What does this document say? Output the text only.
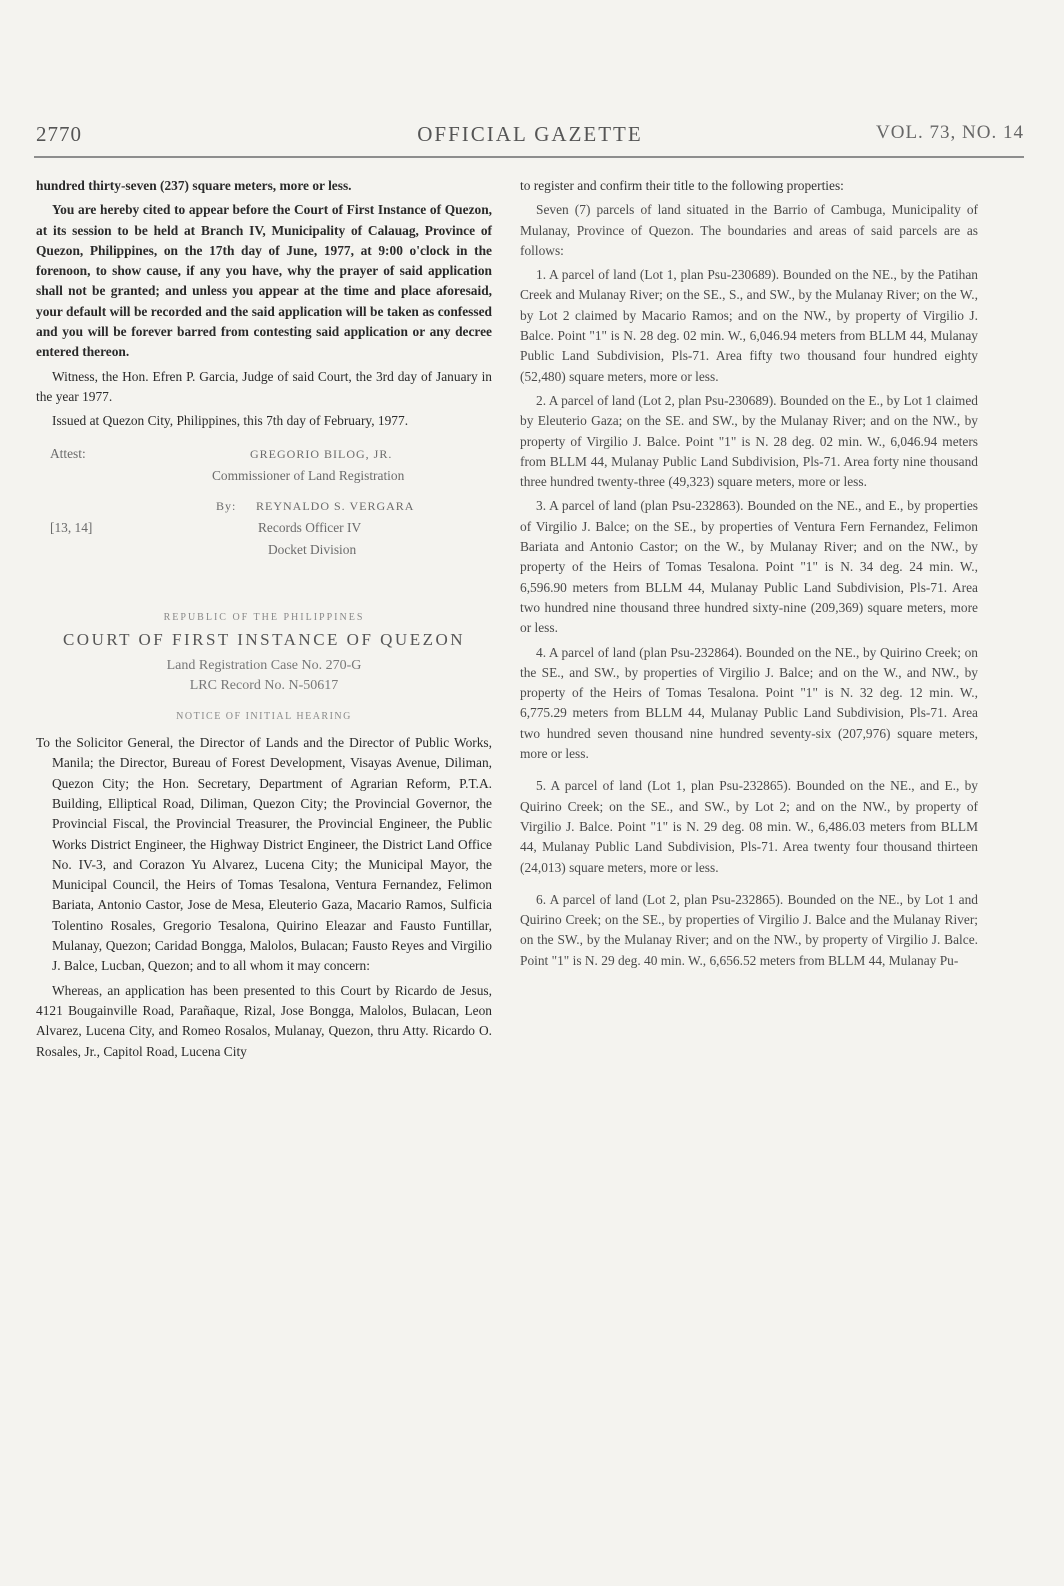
2770	OFFICIAL GAZETTE	VOL. 73, NO. 14

hundred thirty-seven (237) square meters, more or less.

You are hereby cited to appear before the Court of First Instance of Quezon, at its session to be held at Branch IV, Municipality of Calauag, Province of Quezon, Philippines, on the 17th day of June, 1977, at 9:00 o'clock in the forenoon, to show cause, if any you have, why the prayer of said application shall not be granted; and unless you appear at the time and place aforesaid, your default will be recorded and the said application will be taken as confessed and you will be forever barred from contesting said application or any decree entered thereon.

Witness, the Hon. Efren P. Garcia, Judge of said Court, the 3rd day of January in the year 1977.

Issued at Quezon City, Philippines, this 7th day of February, 1977.

Attest:	GREGORIO BILOG, JR.
Commissioner of Land Registration
By: REYNALDO S. VERGARA
[13, 14]	Records Officer IV
Docket Division
REPUBLIC OF THE PHILIPPINES
COURT OF FIRST INSTANCE OF QUEZON
Land Registration Case No. 270-G
LRC Record No. N-50617
NOTICE OF INITIAL HEARING

To the Solicitor General, the Director of Lands and the Director of Public Works, Manila; the Director, Bureau of Forest Development, Visayas Avenue, Diliman, Quezon City; the Hon. Secretary, Department of Agrarian Reform, P.T.A. Building, Elliptical Road, Diliman, Quezon City; the Provincial Governor, the Provincial Fiscal, the Provincial Treasurer, the Provincial Engineer, the Public Works District Engineer, the Highway District Engineer, the District Land Office No. IV-3, and Corazon Yu Alvarez, Lucena City; the Municipal Mayor, the Municipal Council, the Heirs of Tomas Tesalona, Ventura Fernandez, Felimon Bariata, Antonio Castor, Jose de Mesa, Eleuterio Gaza, Macario Ramos, Sulficia Tolentino Rosales, Gregorio Tesalona, Quirino Eleazar and Fausto Funtillar, Mulanay, Quezon; Caridad Bongga, Malolos, Bulacan; Fausto Reyes and Virgilio J. Balce, Lucban, Quezon; and to all whom it may concern:

Whereas, an application has been presented to this Court by Ricardo de Jesus, 4121 Bougainville Road, Parañaque, Rizal, Jose Bongga, Malolos, Bulacan, Leon Alvarez, Lucena City, and Romeo Rosalos, Mulanay, Quezon, thru Atty. Ricardo O. Rosales, Jr., Capitol Road, Lucena City

to register and confirm their title to the following properties:

Seven (7) parcels of land situated in the Barrio of Cambuga, Municipality of Mulanay, Province of Quezon. The boundaries and areas of said parcels are as follows:

1. A parcel of land (Lot 1, plan Psu-230689). Bounded on the NE., by the Patihan Creek and Mulanay River; on the SE., S., and SW., by the Mulanay River; on the W., by Lot 2 claimed by Macario Ramos; and on the NW., by property of Virgilio J. Balce. Point "1" is N. 28 deg. 02 min. W., 6,046.94 meters from BLLM 44, Mulanay Public Land Subdivision, Pls-71. Area fifty two thousand four hundred eighty (52,480) square meters, more or less.

2. A parcel of land (Lot 2, plan Psu-230689). Bounded on the E., by Lot 1 claimed by Eleuterio Gaza; on the SE. and SW., by the Mulanay River; and on the NW., by property of Virgilio J. Balce. Point "1" is N. 28 deg. 02 min. W., 6,046.94 meters from BLLM 44, Mulanay Public Land Subdivision, Pls-71. Area forty nine thousand three hundred twenty-three (49,323) square meters, more or less.

3. A parcel of land (plan Psu-232863). Bounded on the NE., and E., by properties of Virgilio J. Balce; on the SE., by properties of Ventura Fern Fernandez, Felimon Bariata and Antonio Castor; on the W., by Mulanay River; and on the NW., by property of the Heirs of Tomas Tesalona. Point "1" is N. 34 deg. 24 min. W., 6,596.90 meters from BLLM 44, Mulanay Public Land Subdivision, Pls-71. Area two hundred nine thousand three hundred sixty-nine (209,369) square meters, more or less.

4. A parcel of land (plan Psu-232864). Bounded on the NE., by Quirino Creek; on the SE., and SW., by properties of Virgilio J. Balce; and on the W., and NW., by property of the Heirs of Tomas Tesalona. Point "1" is N. 32 deg. 12 min. W., 6,775.29 meters from BLLM 44, Mulanay Public Land Subdivision, Pls-71. Area two hundred seven thousand nine hundred seventy-six (207,976) square meters, more or less.

5. A parcel of land (Lot 1, plan Psu-232865). Bounded on the NE., and E., by Quirino Creek; on the SE., and SW., by Lot 2; and on the NW., by property of Virgilio J. Balce. Point "1" is N. 29 deg. 08 min. W., 6,486.03 meters from BLLM 44, Mulanay Public Land Subdivision, Pls-71. Area twenty four thousand thirteen (24,013) square meters, more or less.

6. A parcel of land (Lot 2, plan Psu-232865). Bounded on the NE., by Lot 1 and Quirino Creek; on the SE., by properties of Virgilio J. Balce and the Mulanay River; on the SW., by the Mulanay River; and on the NW., by property of Virgilio J. Balce. Point "1" is N. 29 deg. 40 min. W., 6,656.52 meters from BLLM 44, Mulanay Pu-
